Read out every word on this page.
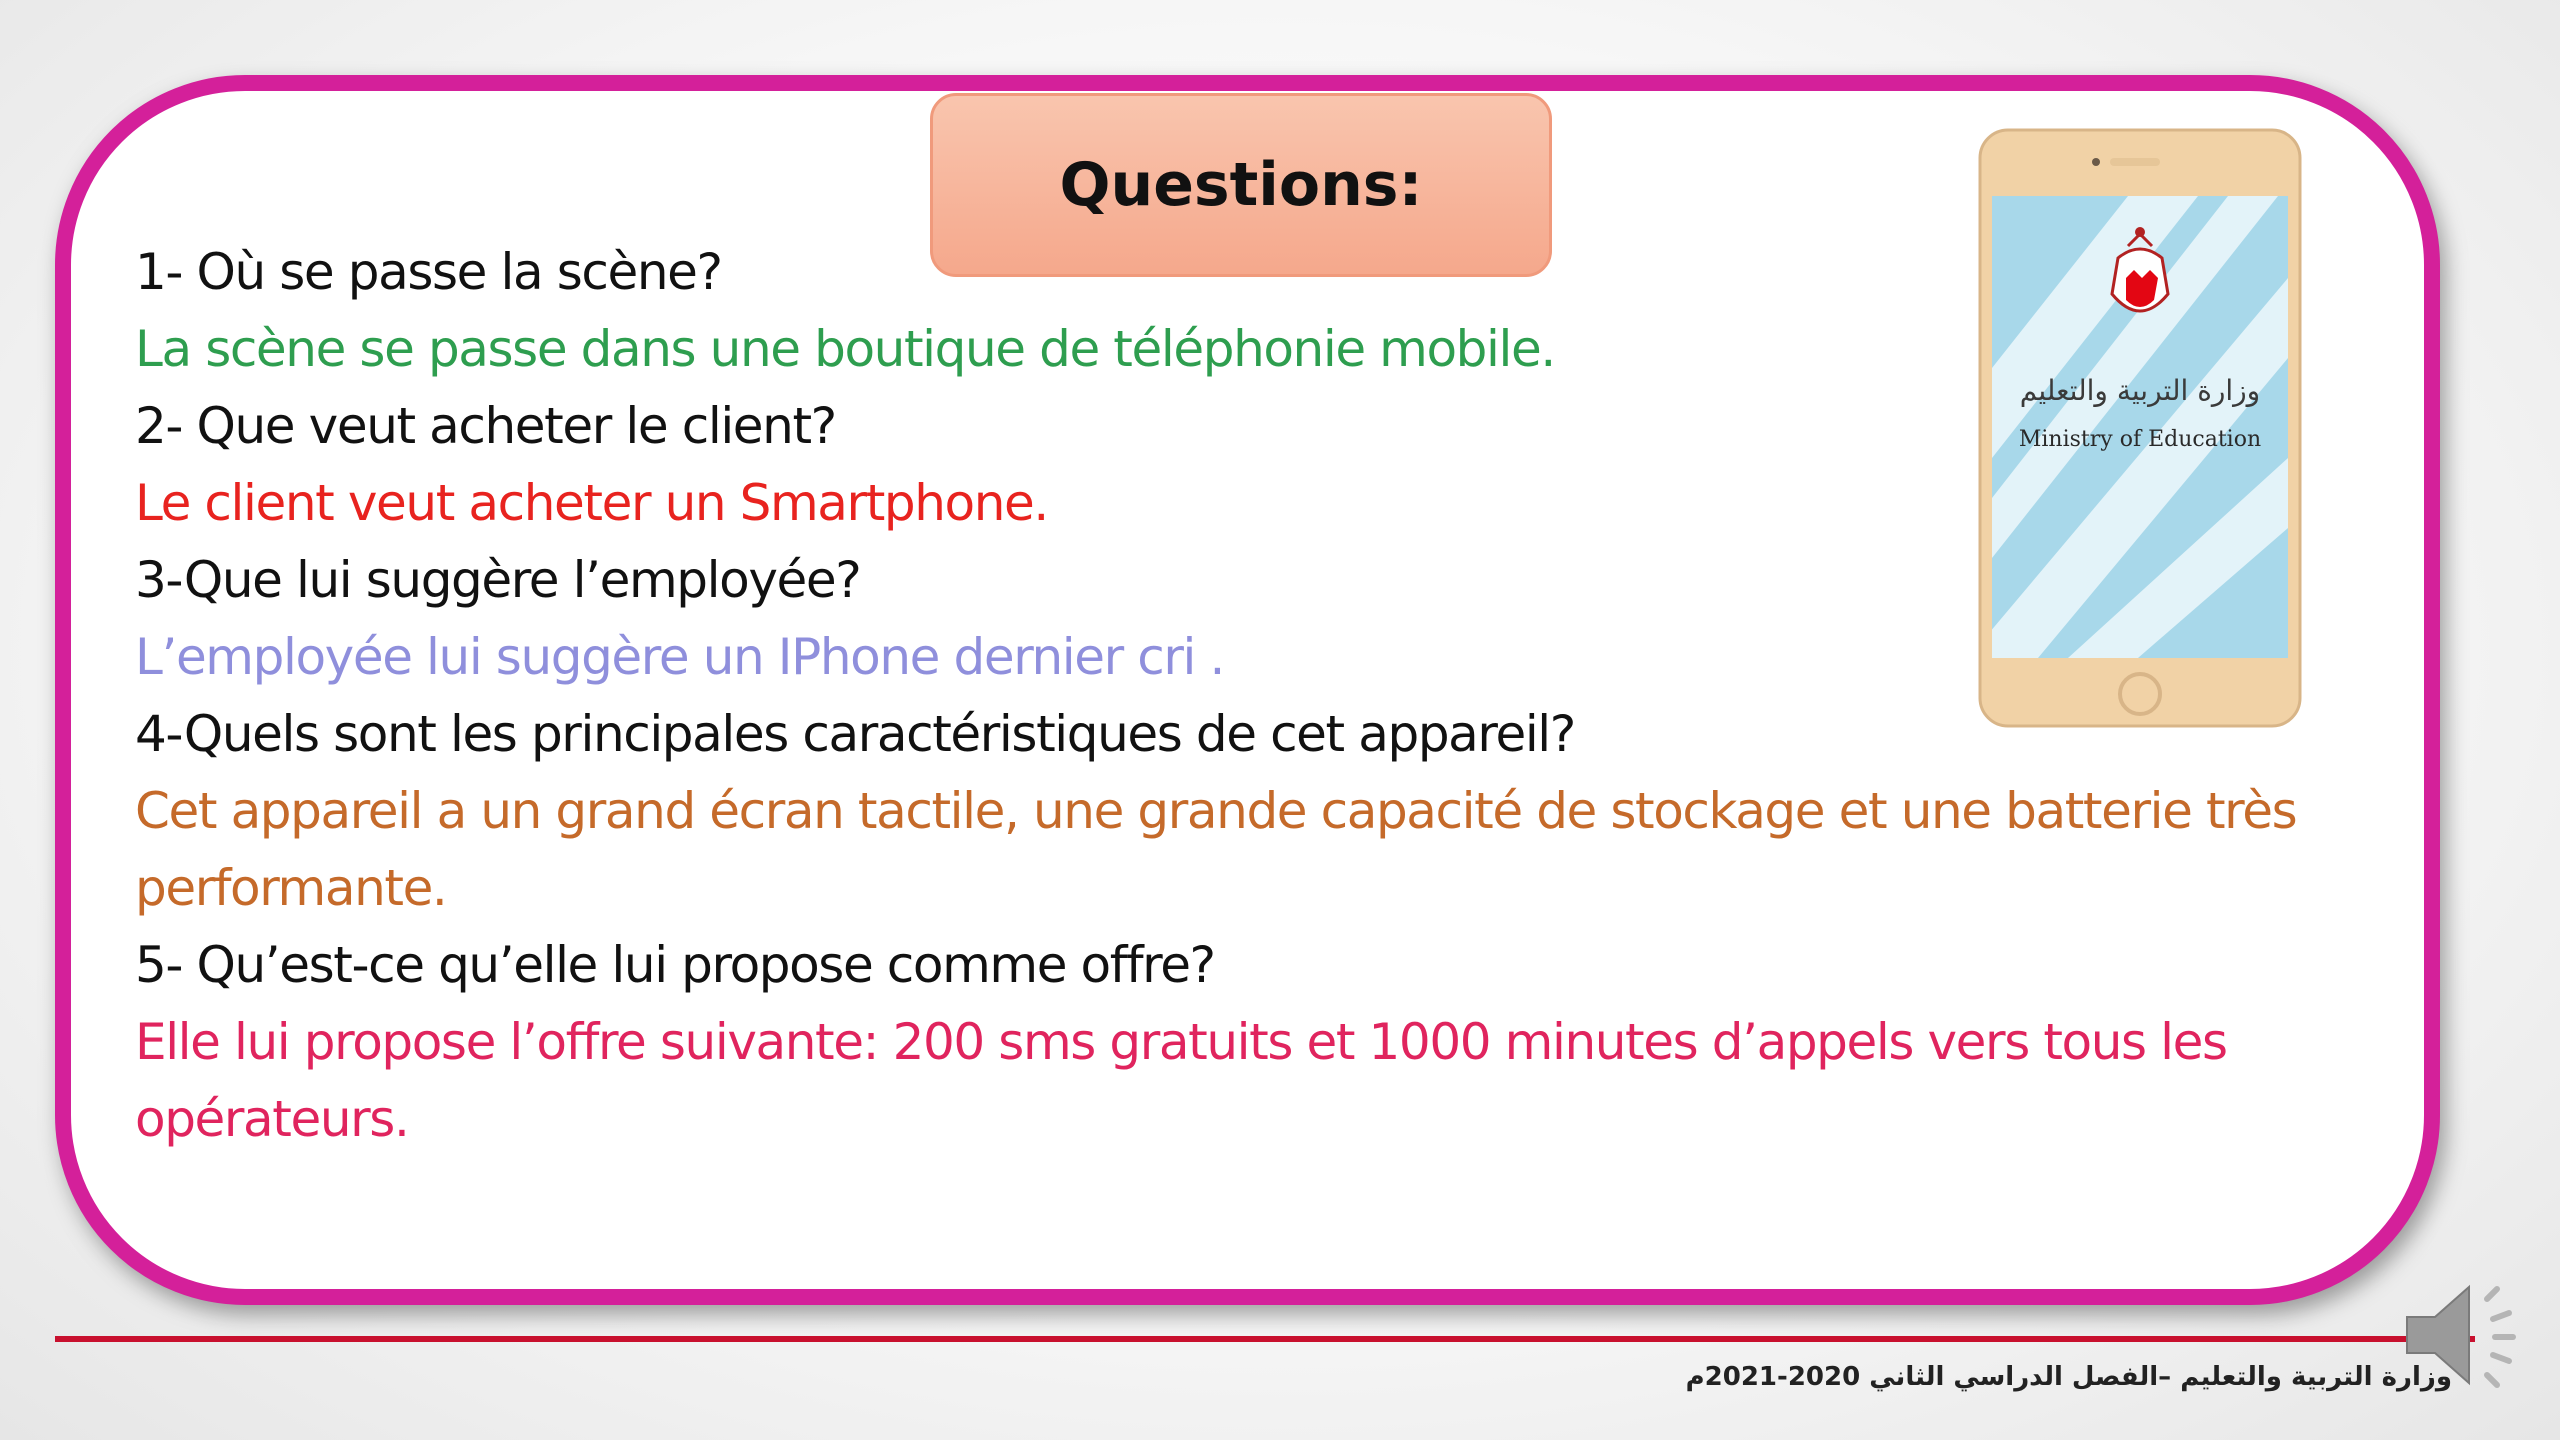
Questions:
1- Où se passe la scène?
La scène se passe dans une boutique de téléphonie mobile.
2- Que veut acheter le client?
Le client veut acheter un Smartphone.
3-Que lui suggère l’employée?
L’employée lui suggère un IPhone dernier cri .
4-Quels sont les principales caractéristiques de cet appareil?
Cet appareil a un grand écran tactile, une grande capacité de stockage et une batterie très performante.
5- Qu’est-ce qu’elle lui propose comme offre?
Elle lui propose l’offre suivante: 200 sms gratuits et 1000 minutes d’appels vers tous les opérateurs.
وزارة التربية والتعليم
Ministry of Education
وزارة التربية والتعليم –الفصل الدراسي الثاني 2020-2021م
